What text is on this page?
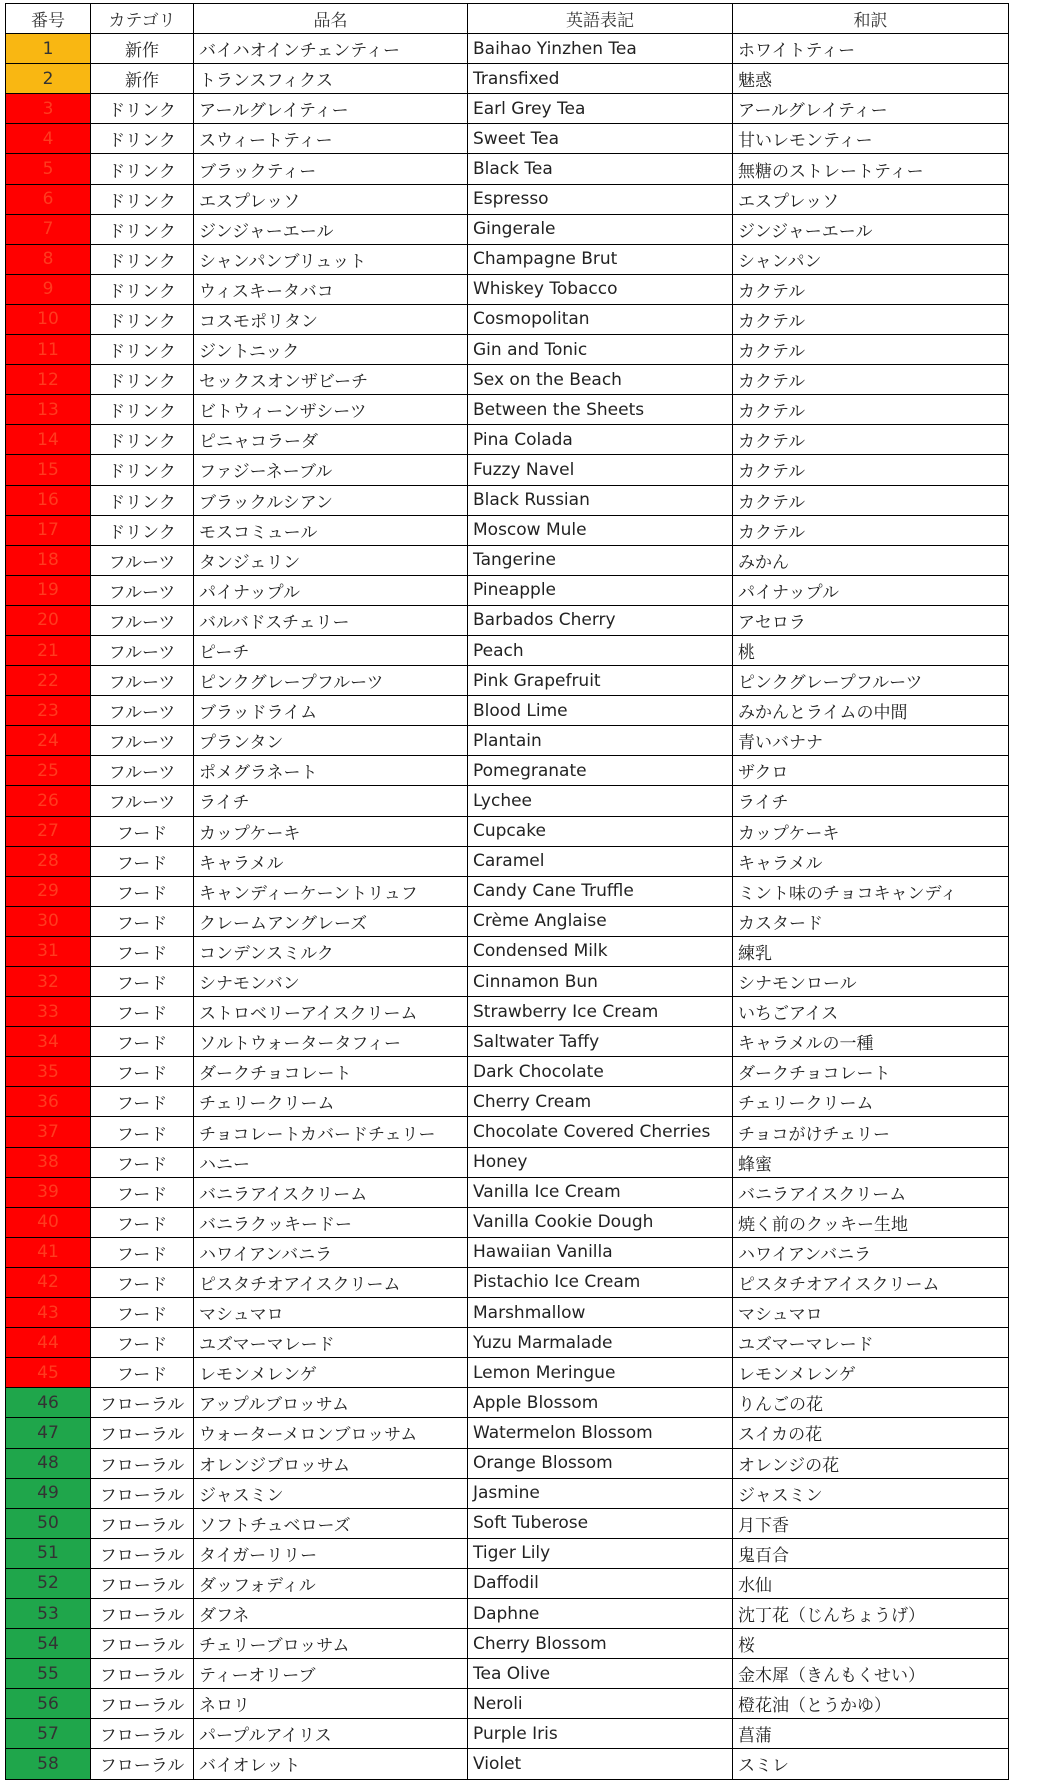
番号	カテゴリ	品名	英語表記	和訳
1	新作	バイハオインチェンティー	Baihao Yinzhen Tea	ホワイトティー
2	新作	トランスフィクス	Transfixed	魅惑
3	ドリンク	アールグレイティー	Earl Grey Tea	アールグレイティー
4	ドリンク	スウィートティー	Sweet Tea	甘いレモンティー
5	ドリンク	ブラックティー	Black Tea	無糖のストレートティー
6	ドリンク	エスプレッソ	Espresso	エスプレッソ
7	ドリンク	ジンジャーエール	Gingerale	ジンジャーエール
8	ドリンク	シャンパンブリュット	Champagne Brut	シャンパン
9	ドリンク	ウィスキータバコ	Whiskey Tobacco	カクテル
10	ドリンク	コスモポリタン	Cosmopolitan	カクテル
11	ドリンク	ジントニック	Gin and Tonic	カクテル
12	ドリンク	セックスオンザビーチ	Sex on the Beach	カクテル
13	ドリンク	ビトウィーンザシーツ	Between the Sheets	カクテル
14	ドリンク	ピニャコラーダ	Pina Colada	カクテル
15	ドリンク	ファジーネーブル	Fuzzy Navel	カクテル
16	ドリンク	ブラックルシアン	Black Russian	カクテル
17	ドリンク	モスコミュール	Moscow Mule	カクテル
18	フルーツ	タンジェリン	Tangerine	みかん
19	フルーツ	パイナップル	Pineapple	パイナップル
20	フルーツ	バルバドスチェリー	Barbados Cherry	アセロラ
21	フルーツ	ピーチ	Peach	桃
22	フルーツ	ピンクグレープフルーツ	Pink Grapefruit	ピンクグレープフルーツ
23	フルーツ	ブラッドライム	Blood Lime	みかんとライムの中間
24	フルーツ	プランタン	Plantain	青いバナナ
25	フルーツ	ポメグラネート	Pomegranate	ザクロ
26	フルーツ	ライチ	Lychee	ライチ
27	フード	カップケーキ	Cupcake	カップケーキ
28	フード	キャラメル	Caramel	キャラメル
29	フード	キャンディーケーントリュフ	Candy Cane Truffle	ミント味のチョコキャンディ
30	フード	クレームアングレーズ	Crème Anglaise	カスタード
31	フード	コンデンスミルク	Condensed Milk	練乳
32	フード	シナモンバン	Cinnamon Bun	シナモンロール
33	フード	ストロベリーアイスクリーム	Strawberry Ice Cream	いちごアイス
34	フード	ソルトウォータータフィー	Saltwater Taffy	キャラメルの一種
35	フード	ダークチョコレート	Dark Chocolate	ダークチョコレート
36	フード	チェリークリーム	Cherry Cream	チェリークリーム
37	フード	チョコレートカバードチェリー	Chocolate Covered Cherries	チョコがけチェリー
38	フード	ハニー	Honey	蜂蜜
39	フード	バニラアイスクリーム	Vanilla Ice Cream	バニラアイスクリーム
40	フード	バニラクッキードー	Vanilla Cookie Dough	焼く前のクッキー生地
41	フード	ハワイアンバニラ	Hawaiian Vanilla	ハワイアンバニラ
42	フード	ピスタチオアイスクリーム	Pistachio Ice Cream	ピスタチオアイスクリーム
43	フード	マシュマロ	Marshmallow	マシュマロ
44	フード	ユズマーマレード	Yuzu Marmalade	ユズマーマレード
45	フード	レモンメレンゲ	Lemon Meringue	レモンメレンゲ
46	フローラル	アップルブロッサム	Apple Blossom	りんごの花
47	フローラル	ウォーターメロンブロッサム	Watermelon Blossom	スイカの花
48	フローラル	オレンジブロッサム	Orange Blossom	オレンジの花
49	フローラル	ジャスミン	Jasmine	ジャスミン
50	フローラル	ソフトチュベローズ	Soft Tuberose	月下香
51	フローラル	タイガーリリー	Tiger Lily	鬼百合
52	フローラル	ダッフォディル	Daffodil	水仙
53	フローラル	ダフネ	Daphne	沈丁花（じんちょうげ）
54	フローラル	チェリーブロッサム	Cherry Blossom	桜
55	フローラル	ティーオリーブ	Tea Olive	金木犀（きんもくせい）
56	フローラル	ネロリ	Neroli	橙花油（とうかゆ）
57	フローラル	パープルアイリス	Purple Iris	菖蒲
58	フローラル	バイオレット	Violet	スミレ
